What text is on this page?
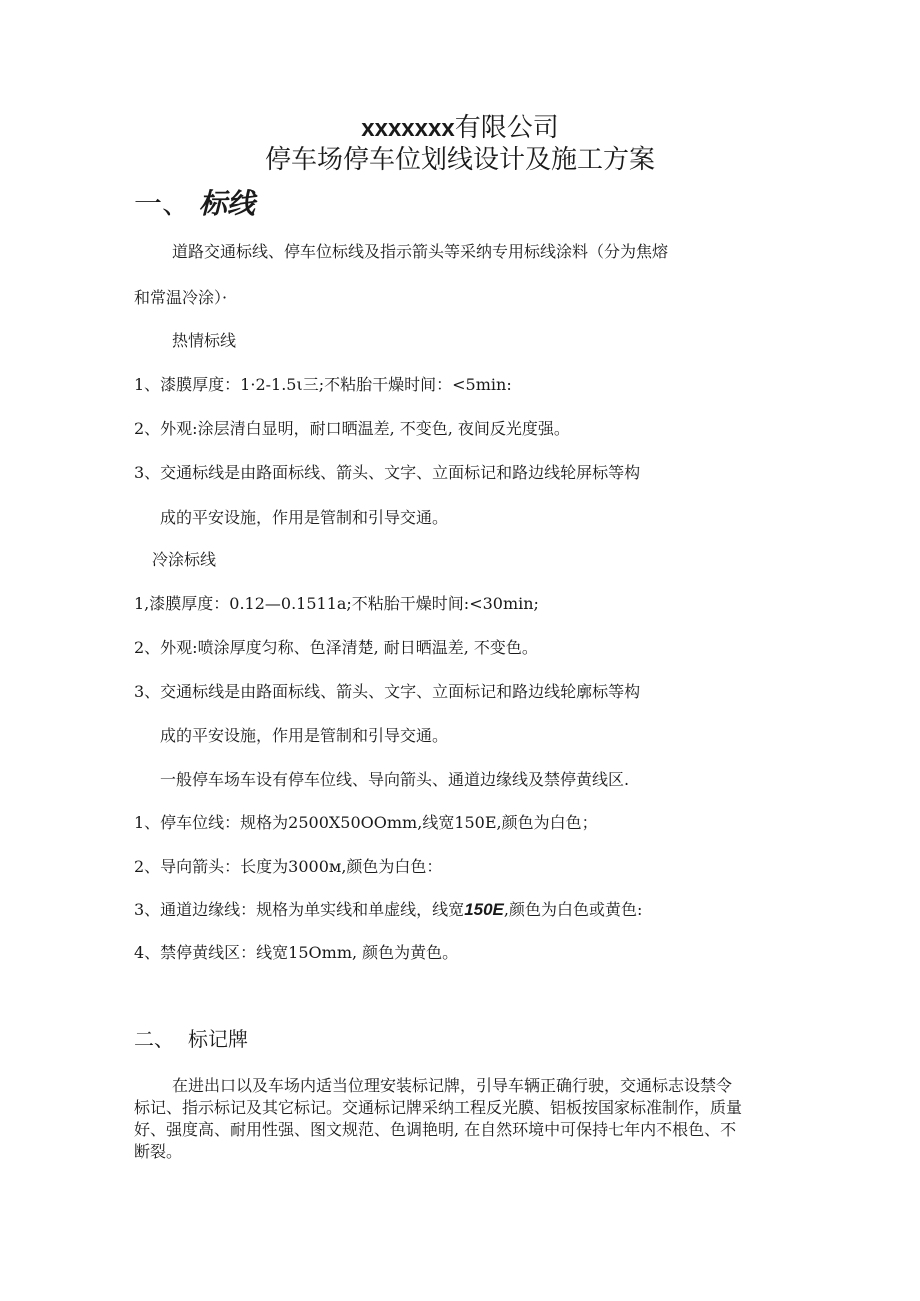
xxxxxxx有限公司
停车场停车位划线设计及施工方案
一、 标线
道路交通标线、停车位标线及指示箭头等采纳专用标线涂料（分为焦熔
和常温冷涂）·
热情标线
1、漆膜厚度：1·2-1.5ι三;不粘胎干燥时间：<5min:
2、外观:涂层清白显明，耐口晒温差, 不变色, 夜间反光度强。
3、交通标线是由路面标线、箭头、文字、立面标记和路边线轮屏标等构
成的平安设施，作用是管制和引导交通。
冷涂标线
1,漆膜厚度：0.12—0.1511a;不粘胎干燥时间:<30min;
2、外观:喷涂厚度匀称、色泽清楚, 耐日晒温差, 不变色。
3、交通标线是由路面标线、箭头、文字、立面标记和路边线轮廓标等构
成的平安设施，作用是管制和引导交通。
一般停车场车设有停车位线、导向箭头、通道边缘线及禁停黄线区.
1、停车位线：规格为2500X50OOmm,线宽150E,颜色为白色；
2、导向箭头：长度为3000м,颜色为白色：
3、通道边缘线：规格为单实线和单虚线，线宽150E,颜色为白色或黄色:
4、禁停黄线区：线宽15Omm, 颜色为黄色。
二、 标记牌
在进出口以及车场内适当位理安装标记牌，引导车辆正确行驶，交通标志设禁令
标记、指示标记及其它标记。交通标记牌采纳工程反光膜、铝板按国家标准制作，质量
好、强度高、耐用性强、图文规范、色调艳明, 在自然环境中可保持七年内不根色、不
断裂。
